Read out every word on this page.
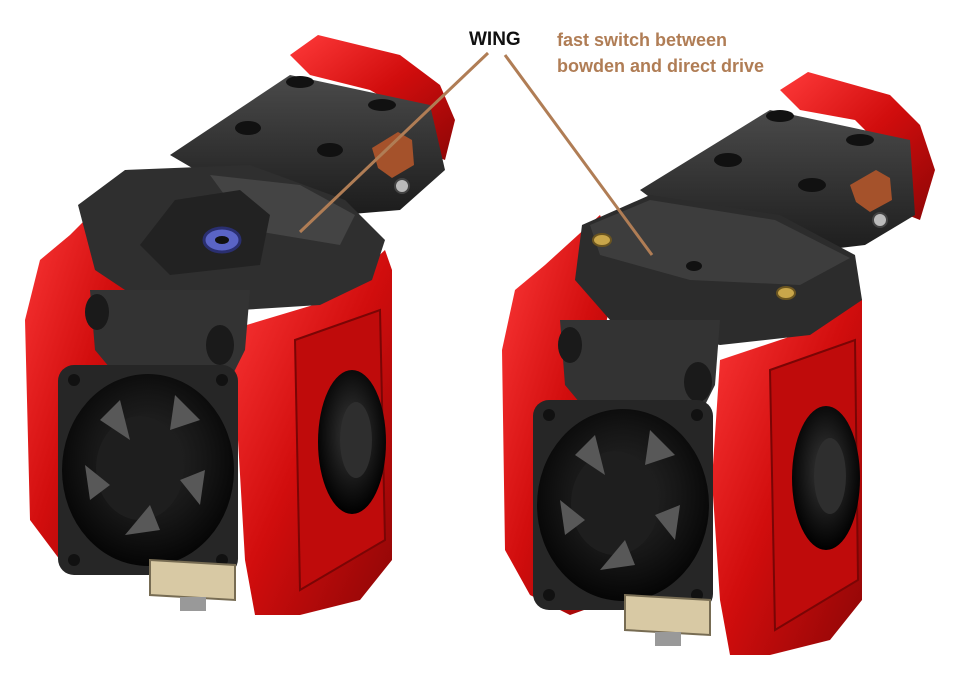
WING fast switch between
bowden and direct drive
